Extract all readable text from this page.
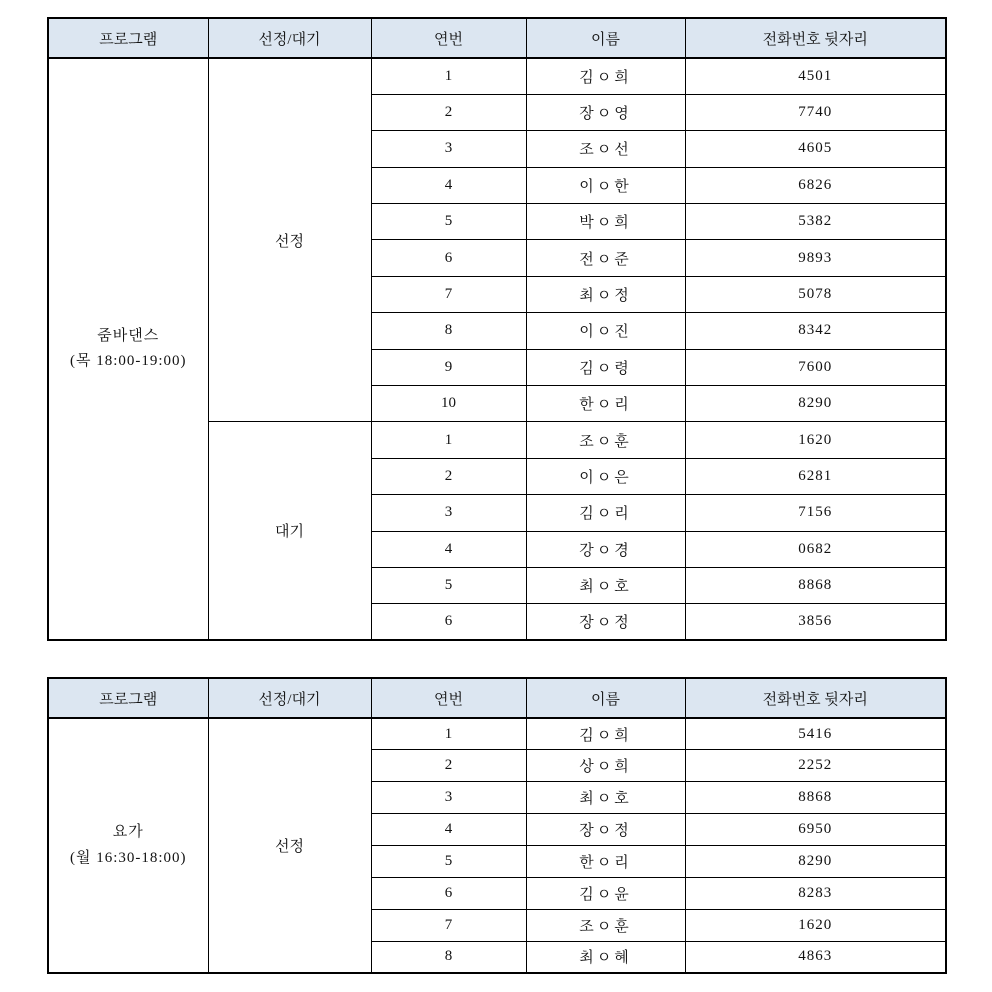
프로그램	선정/대기	연번	이름	전화번호 뒷자리

줌바댄스
(목 18:00-19:00)	선정	1	김ㅇ희	4501
		2	장ㅇ영	7740
		3	조ㅇ선	4605
		4	이ㅇ한	6826
		5	박ㅇ희	5382
		6	전ㅇ준	9893
		7	최ㅇ정	5078
		8	이ㅇ진	8342
		9	김ㅇ령	7600
		10	한ㅇ리	8290
	대기	1	조ㅇ훈	1620
		2	이ㅇ은	6281
		3	김ㅇ리	7156
		4	강ㅇ경	0682
		5	최ㅇ호	8868
		6	장ㅇ정	3856
프로그램	선정/대기	연번	이름	전화번호 뒷자리

요가
(월 16:30-18:00)	선정	1	김ㅇ희	5416
		2	상ㅇ희	2252
		3	최ㅇ호	8868
		4	장ㅇ정	6950
		5	한ㅇ리	8290
		6	김ㅇ윤	8283
		7	조ㅇ훈	1620
		8	최ㅇ혜	4863
